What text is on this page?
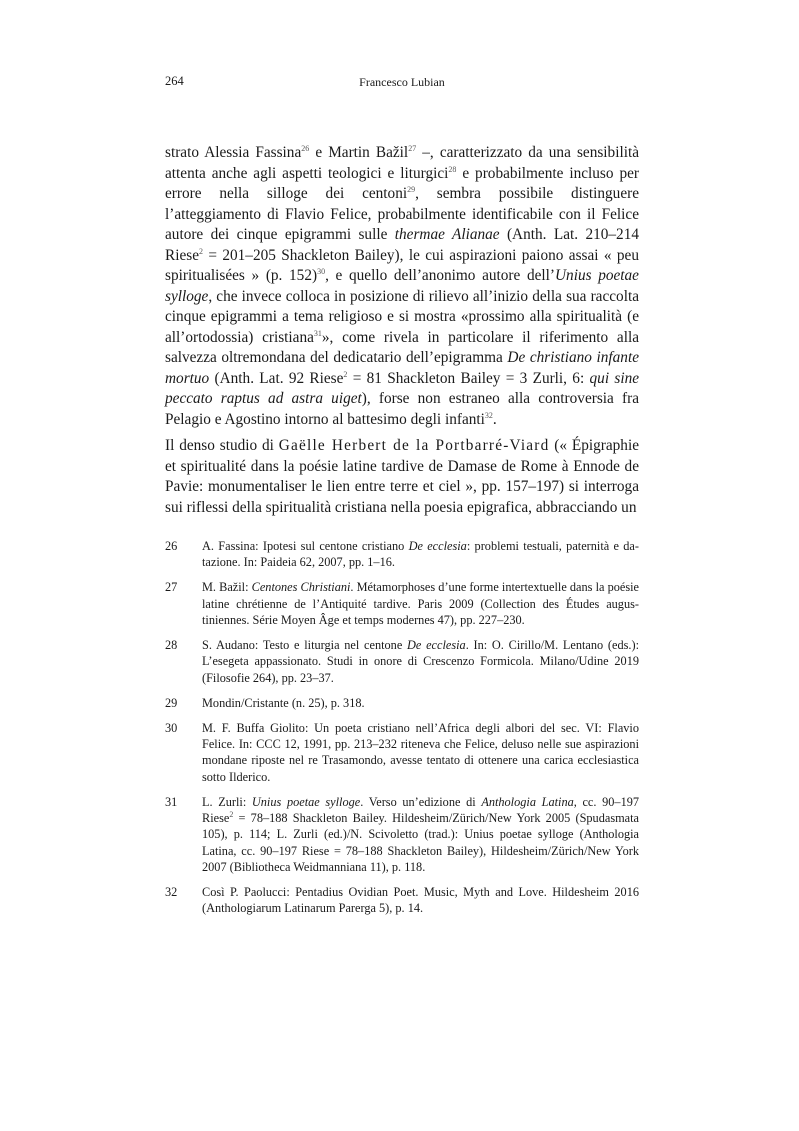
264	Francesco Lubian

strato Alessia Fassina$^{26}$ e Martin Bažil$^{27}$ –, caratterizzato da una sensibilità attenta anche agli aspetti teologici e liturgici$^{28}$ e probabilmente incluso per errore nella silloge dei centoni$^{29}$, sembra possibile distinguere l’atteggiamento di Flavio Felice, probabilmente identificabile con il Felice autore dei cinque epigrammi sulle thermae Alianae (Anth. Lat. 210–214 Riese$^2$ = 201–205 Shackleton Bailey), le cui aspirazioni paiono assai « peu spiritualisées » (p. 152)$^{30}$, e quello dell’anonimo autore dell’Unius poetae sylloge, che invece colloca in posizione di rilievo all’inizio della sua raccolta cinque epigrammi a tema religioso e si mostra «prossimo alla spiritualità (e all’ortodossia) cristiana$^{31}$», come rivela in particolare il riferimento alla salvezza oltremondana del dedicatario dell’epigramma De christiano infante mortuo (Anth. Lat. 92 Riese$^2$ = 81 Shackleton Bailey = 3 Zurli, 6: qui sine peccato raptus ad astra uiget), forse non estraneo alla controversia fra Pelagio e Agostino intorno al battesimo degli infanti$^{32}$.

Il denso studio di Gaëlle Herbert de la Portbarré-Viard (« Épigraphie et spiritualité dans la poésie latine tardive de Damase de Rome à Ennode de Pavie: monumentaliser le lien entre terre et ciel », pp. 157–197) si interroga sui riflessi della spiritualità cristiana nella poesia epigrafica, abbracciando un

26	A. Fassina: Ipotesi sul centone cristiano De ecclesia: problemi testuali, paternità e datazione. In: Paideia 62, 2007, pp. 1–16.
27	M. Bažil: Centones Christiani. Métamorphoses d’une forme intertextuelle dans la poésie latine chrétienne de l’Antiquité tardive. Paris 2009 (Collection des Études augustiniennes. Série Moyen Âge et temps modernes 47), pp. 227–230.
28	S. Audano: Testo e liturgia nel centone De ecclesia. In: O. Cirillo/M. Lentano (eds.): L’esegeta appassionato. Studi in onore di Crescenzo Formicola. Milano/Udine 2019 (Filosofie 264), pp. 23–37.
29	Mondin/Cristante (n. 25), p. 318.
30	M. F. Buffa Giolito: Un poeta cristiano nell’Africa degli albori del sec. VI: Flavio Felice. In: CCC 12, 1991, pp. 213–232 riteneva che Felice, deluso nelle sue aspirazioni mondane riposte nel re Trasamondo, avesse tentato di ottenere una carica ecclesiastica sotto Ilderico.
31	L. Zurli: Unius poetae sylloge. Verso un’edizione di Anthologia Latina, cc. 90–197 Riese$^2$ = 78–188 Shackleton Bailey. Hildesheim/Zürich/New York 2005 (Spudasmata 105), p. 114; L. Zurli (ed.)/N. Scivoletto (trad.): Unius poetae sylloge (Anthologia Latina, cc. 90–197 Riese = 78–188 Shackleton Bailey), Hildesheim/Zürich/New York 2007 (Bibliotheca Weidmanniana 11), p. 118.
32	Così P. Paolucci: Pentadius Ovidian Poet. Music, Myth and Love. Hildesheim 2016 (Anthologiarum Latinarum Parerga 5), p. 14.
